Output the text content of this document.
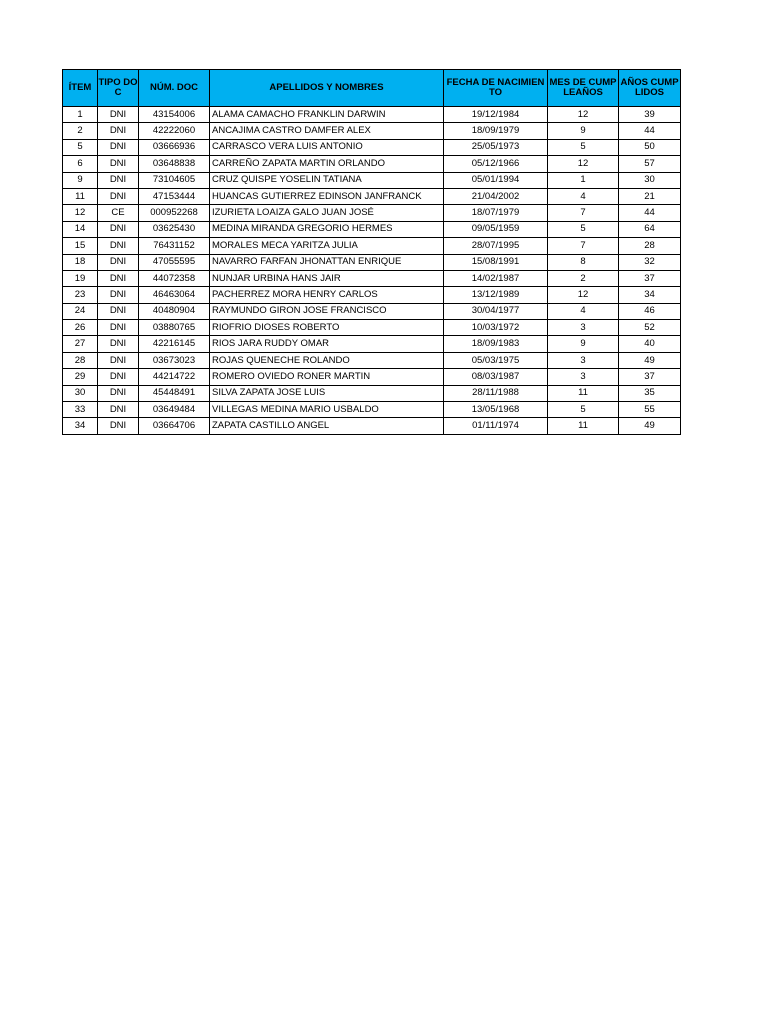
ÍTEM	TIPO DOC	NÚM. DOC	APELLIDOS Y NOMBRES	FECHA DE NACIMIENTO	MES DE CUMPLEAÑOS	AÑOS CUMPLIDOS
1	DNI	43154006	ALAMA CAMACHO FRANKLIN DARWIN	19/12/1984	12	39
2	DNI	42222060	ANCAJIMA CASTRO DAMFER ALEX	18/09/1979	9	44
5	DNI	03666936	CARRASCO VERA LUIS ANTONIO	25/05/1973	5	50
6	DNI	03648838	CARREÑO ZAPATA MARTIN ORLANDO	05/12/1966	12	57
9	DNI	73104605	CRUZ QUISPE YOSELIN TATIANA	05/01/1994	1	30
11	DNI	47153444	HUANCAS GUTIERREZ EDINSON JANFRANCK	21/04/2002	4	21
12	CE	000952268	IZURIETA LOAIZA GALO JUAN JOSÉ	18/07/1979	7	44
14	DNI	03625430	MEDINA MIRANDA GREGORIO HERMES	09/05/1959	5	64
15	DNI	76431152	MORALES MECA YARITZA JULIA	28/07/1995	7	28
18	DNI	47055595	NAVARRO FARFAN JHONATTAN ENRIQUE	15/08/1991	8	32
19	DNI	44072358	NUNJAR URBINA HANS JAIR	14/02/1987	2	37
23	DNI	46463064	PACHERREZ MORA HENRY CARLOS	13/12/1989	12	34
24	DNI	40480904	RAYMUNDO GIRON JOSE FRANCISCO	30/04/1977	4	46
26	DNI	03880765	RIOFRIO DIOSES ROBERTO	10/03/1972	3	52
27	DNI	42216145	RIOS JARA RUDDY OMAR	18/09/1983	9	40
28	DNI	03673023	ROJAS QUENECHE ROLANDO	05/03/1975	3	49
29	DNI	44214722	ROMERO OVIEDO RONER MARTIN	08/03/1987	3	37
30	DNI	45448491	SILVA ZAPATA JOSE LUIS	28/11/1988	11	35
33	DNI	03649484	VILLEGAS MEDINA MARIO USBALDO	13/05/1968	5	55
34	DNI	03664706	ZAPATA CASTILLO ANGEL	01/11/1974	11	49
